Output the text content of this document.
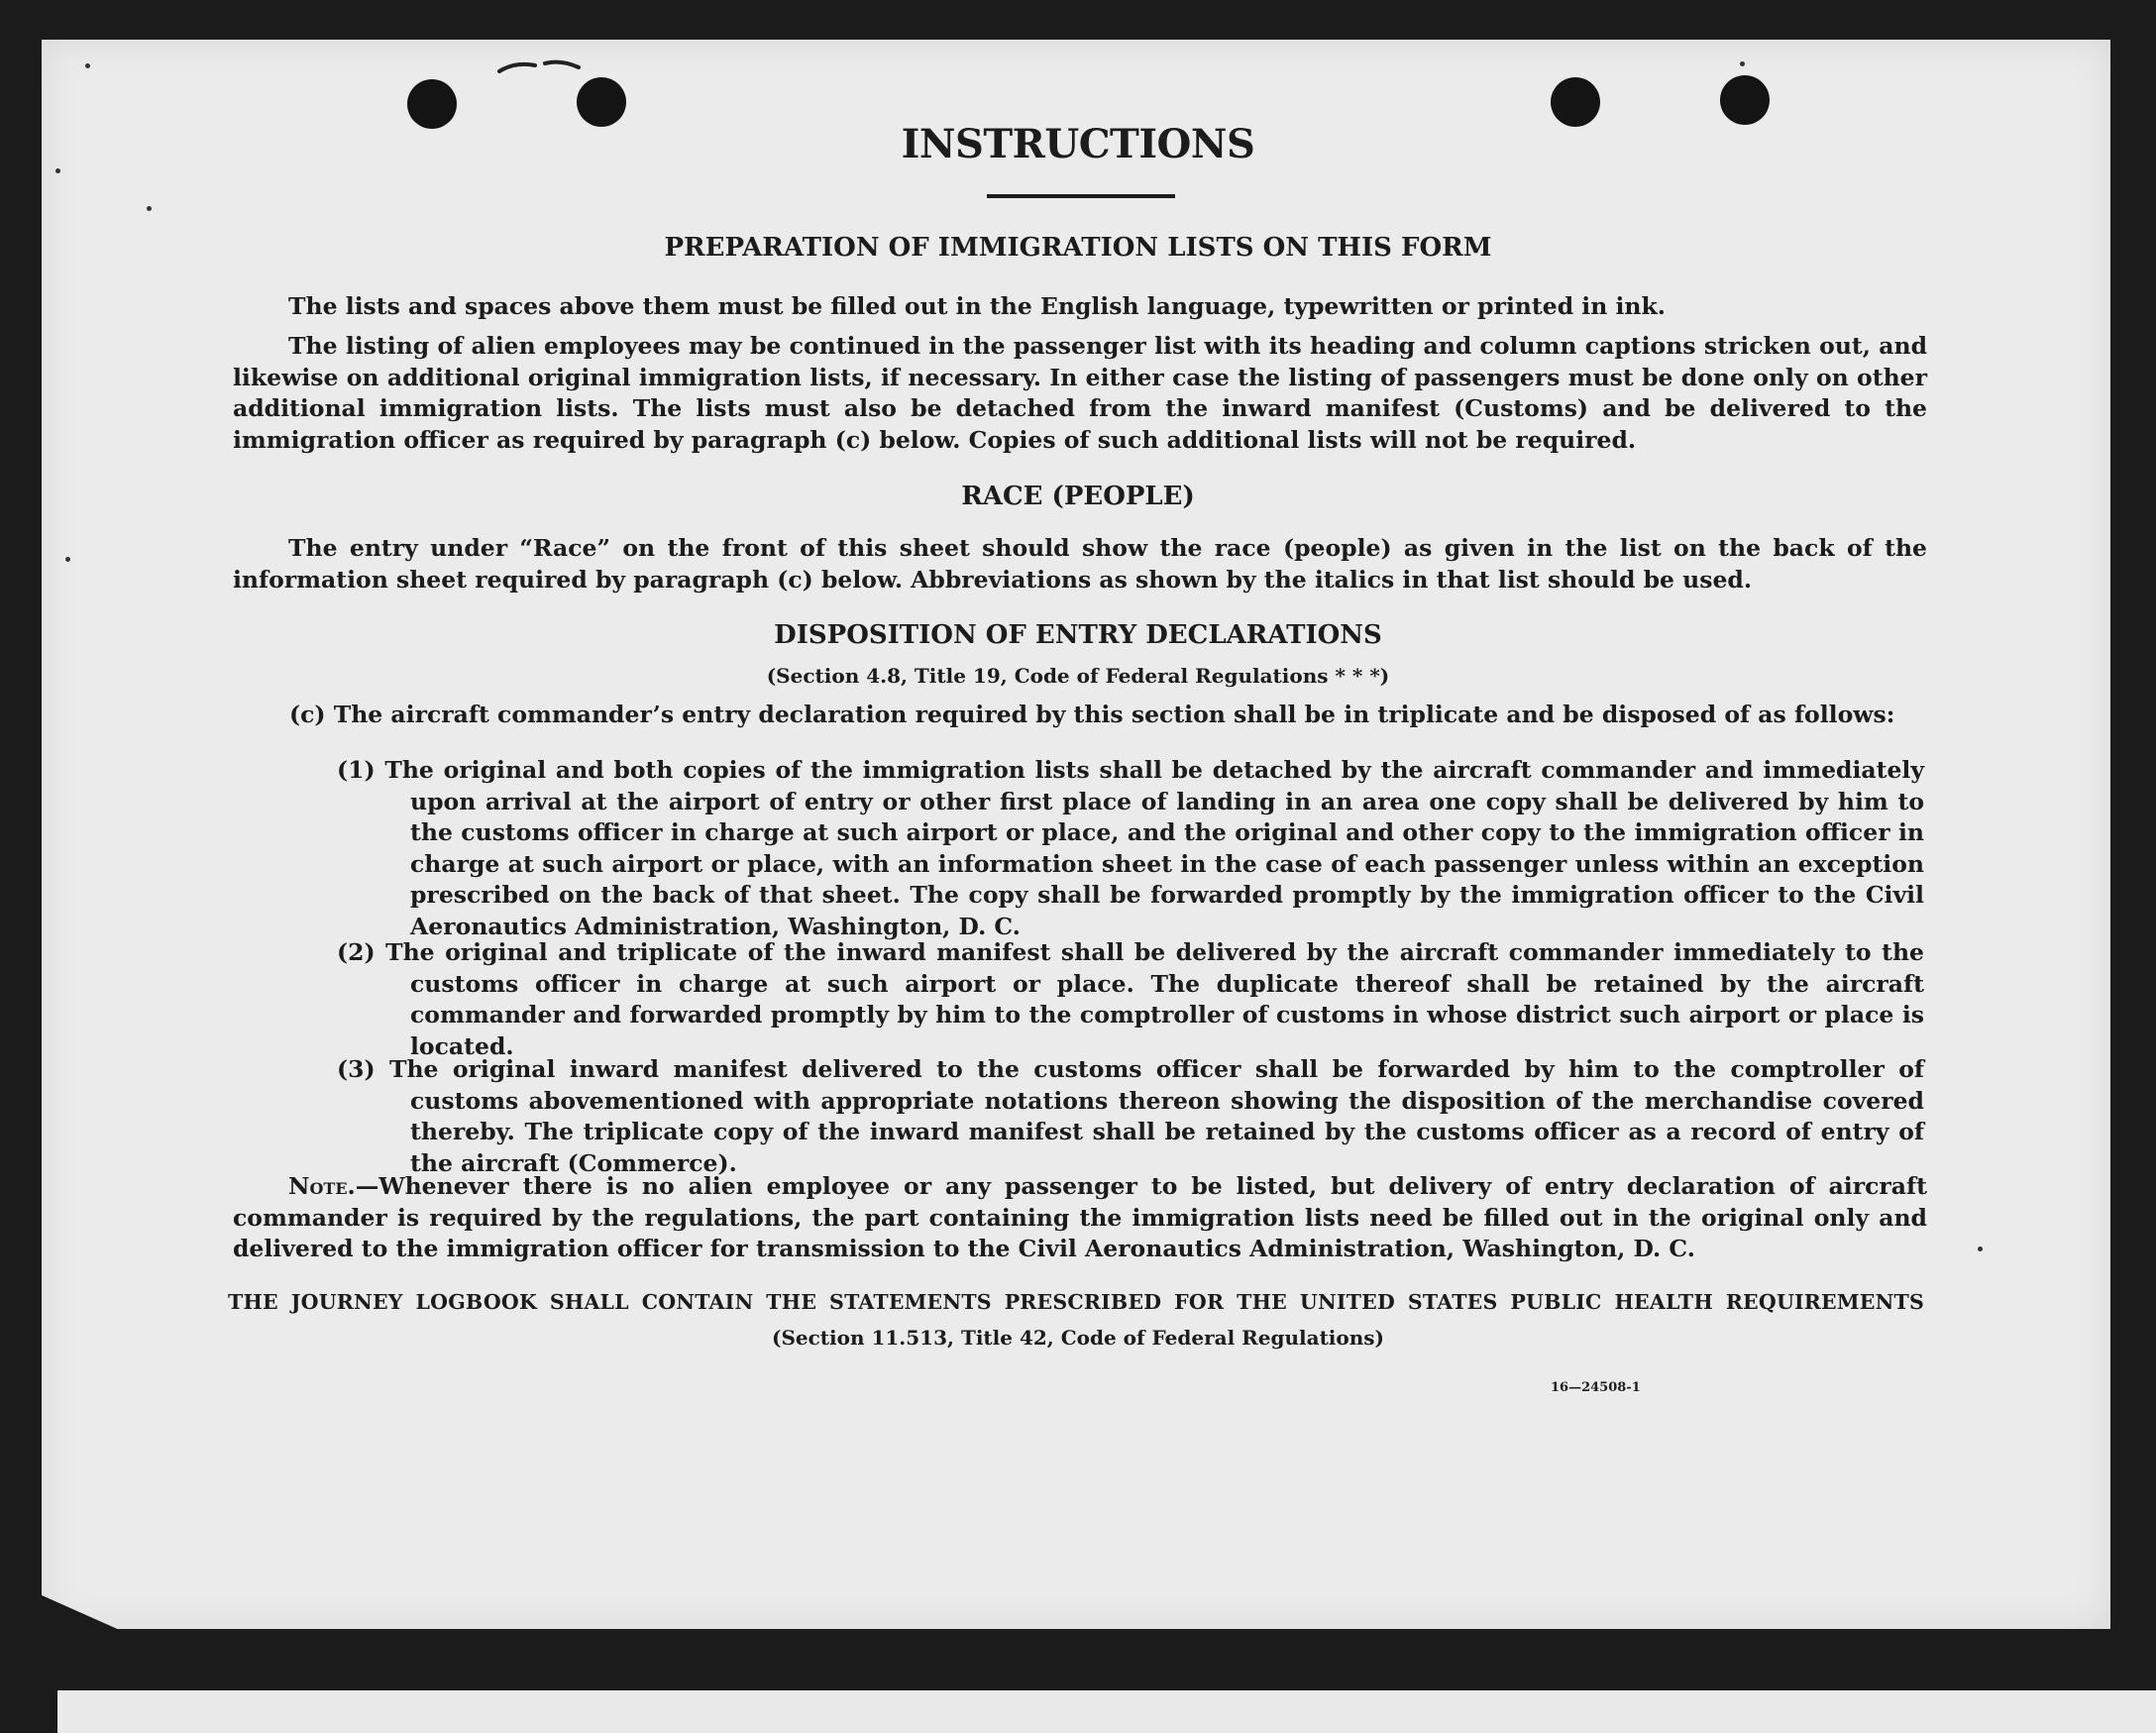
INSTRUCTIONS
PREPARATION OF IMMIGRATION LISTS ON THIS FORM

The lists and spaces above them must be filled out in the English language, typewritten or printed in ink.

The listing of alien employees may be continued in the passenger list with its heading and column captions stricken out, and likewise on additional original immigration lists, if necessary. In either case the listing of passengers must be done only on other additional immigration lists. The lists must also be detached from the inward manifest (Customs) and be delivered to the immigration officer as required by paragraph (c) below. Copies of such additional lists will not be required.

RACE (PEOPLE)

The entry under “Race” on the front of this sheet should show the race (people) as given in the list on the back of the information sheet required by paragraph (c) below. Abbreviations as shown by the italics in that list should be used.

DISPOSITION OF ENTRY DECLARATIONS

(Section 4.8, Title 19, Code of Federal Regulations * * *)

(c) The aircraft commander’s entry declaration required by this section shall be in triplicate and be disposed of as follows:

(1) The original and both copies of the immigration lists shall be detached by the aircraft commander and immediately upon arrival at the airport of entry or other first place of landing in an area one copy shall be delivered by him to the customs officer in charge at such airport or place, and the original and other copy to the immigration officer in charge at such airport or place, with an information sheet in the case of each passenger unless within an exception prescribed on the back of that sheet. The copy shall be forwarded promptly by the immigration officer to the Civil Aeronautics Administration, Washington, D. C.

(2) The original and triplicate of the inward manifest shall be delivered by the aircraft commander immediately to the customs officer in charge at such airport or place. The duplicate thereof shall be retained by the aircraft commander and forwarded promptly by him to the comptroller of customs in whose district such airport or place is located.

(3) The original inward manifest delivered to the customs officer shall be forwarded by him to the comptroller of customs abovementioned with appropriate notations thereon showing the disposition of the merchandise covered thereby. The triplicate copy of the inward manifest shall be retained by the customs officer as a record of entry of the aircraft (Commerce).

Note.—Whenever there is no alien employee or any passenger to be listed, but delivery of entry declaration of aircraft commander is required by the regulations, the part containing the immigration lists need be filled out in the original only and delivered to the immigration officer for transmission to the Civil Aeronautics Administration, Washington, D. C.

THE JOURNEY LOGBOOK SHALL CONTAIN THE STATEMENTS PRESCRIBED FOR THE UNITED STATES PUBLIC HEALTH REQUIREMENTS

(Section 11.513, Title 42, Code of Federal Regulations)

16—24508-1
